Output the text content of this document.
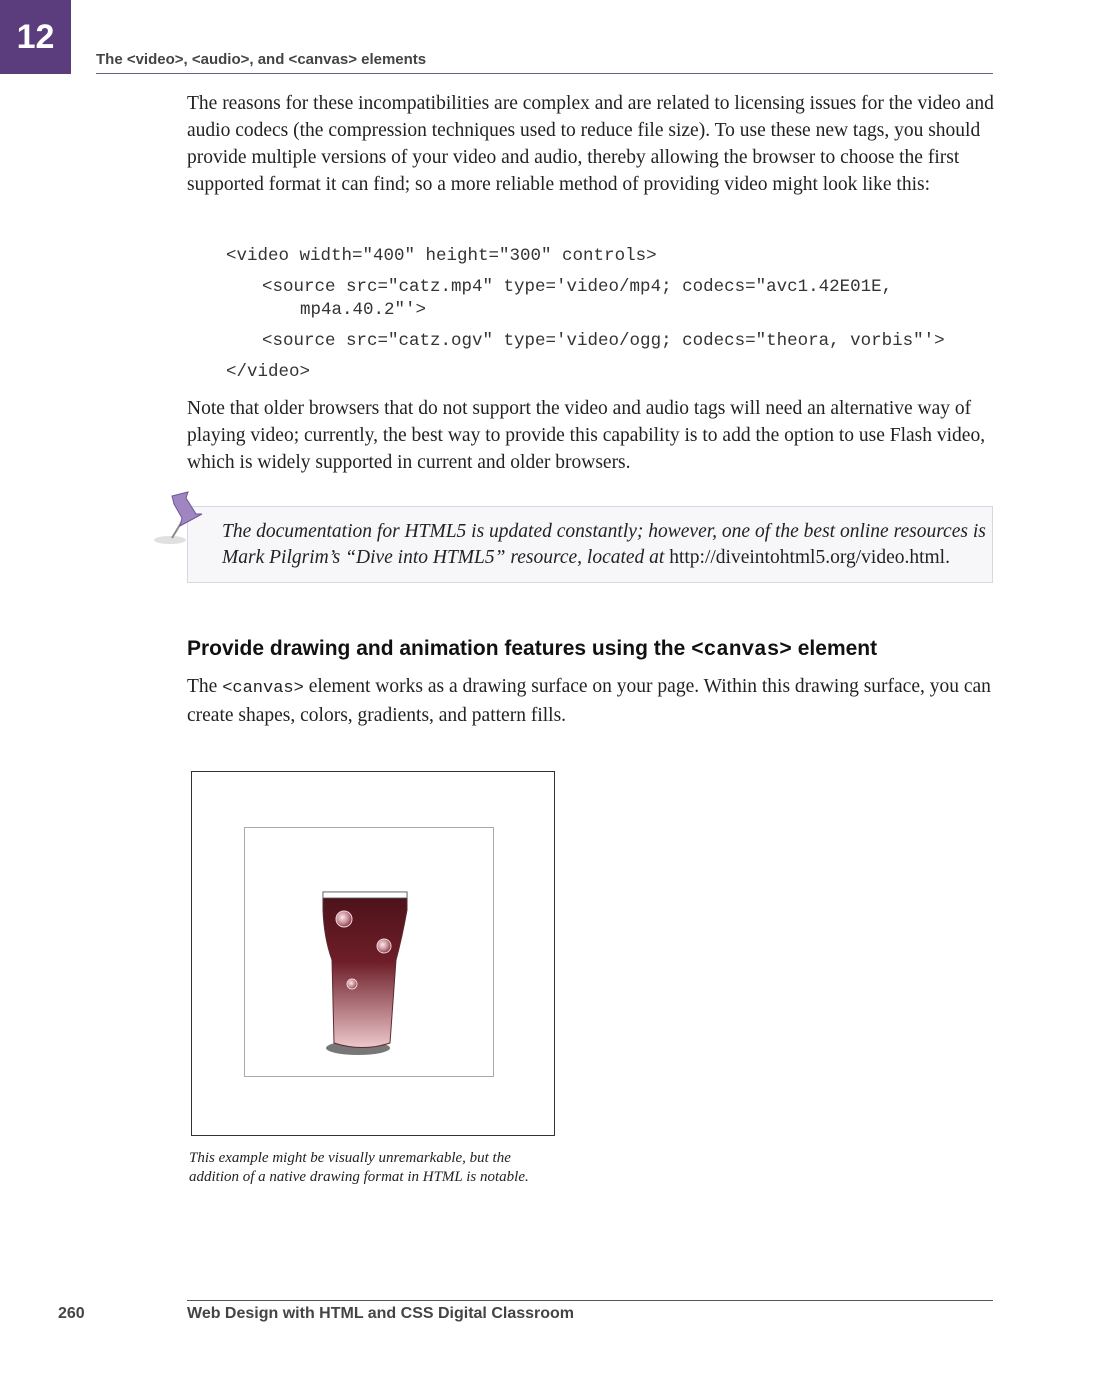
12
The <video>, <audio>, and <canvas> elements

The reasons for these incompatibilities are complex and are related to licensing issues for the video and audio codecs (the compression techniques used to reduce file size). To use these new tags, you should provide multiple versions of your video and audio, thereby allowing the browser to choose the first supported format it can find; so a more reliable method of providing video might look like this:

<video width="400" height="300" controls>
<source src="catz.mp4" type='video/mp4; codecs="avc1.42E01E,
mp4a.40.2"'>
<source src="catz.ogv" type='video/ogg; codecs="theora, vorbis"'>
</video>

Note that older browsers that do not support the video and audio tags will need an alternative way of playing video; currently, the best way to provide this capability is to add the option to use Flash video, which is widely supported in current and older browsers.

The documentation for HTML5 is updated constantly; however, one of the best online resources is Mark Pilgrim’s “Dive into HTML5” resource, located at http://diveintohtml5.org/video.html.

Provide drawing and animation features using the <canvas> element

The <canvas> element works as a drawing surface on your page. Within this drawing surface, you can create shapes, colors, gradients, and pattern fills.

This example might be visually unremarkable, but the addition of a native drawing format in HTML is notable.

260	Web Design with HTML and CSS Digital Classroom
